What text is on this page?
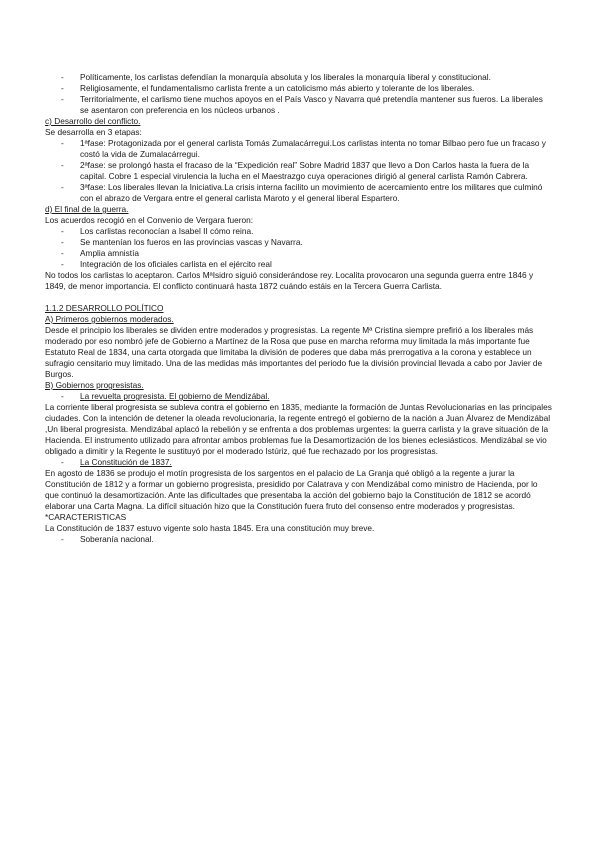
- Políticamente, los carlistas defendían la monarquía absoluta y los liberales la monarquía liberal y constitucional.
- Religiosamente, el fundamentalismo carlista frente a un catolicismo más abierto y tolerante de los liberales.
- Territorialmente, el carlismo tiene muchos apoyos en el País Vasco y Navarra qué pretendía mantener sus fueros. La liberales se asentaron con preferencia en los núcleos urbanos .

c) Desarrollo del conflicto.

Se desarrolla en 3 etapas:

- 1ªfase: Protagonizada por el general carlista Tomás Zumalacárregui.Los carlistas intenta no tomar Bilbao pero fue un fracaso y costó la vida de Zumalacárregui.
- 2ªfase: se prolongó hasta el fracaso de la “Expedición real” Sobre Madrid 1837 que llevo a Don Carlos hasta la fuera de la capital. Cobre 1 especial virulencia la lucha en el Maestrazgo cuya operaciones dirigió al general carlista Ramón Cabrera.
- 3ªfase: Los liberales llevan la Iniciativa.La crisis interna facilito un movimiento de acercamiento entre los militares que culminó con el abrazo de Vergara entre el general carlista Maroto y el general liberal Espartero.

d) El final de la guerra.

Los acuerdos recogió en el Convenio de Vergara fueron:

- Los carlistas reconocían a Isabel II cómo reina.
- Se mantenían los fueros en las provincias vascas y Navarra.
- Amplia amnistía
- Integración de los oficiales carlista en el ejército real

No todos los carlistas lo aceptaron. Carlos MªIsidro siguió considerándose rey. Localita provocaron una segunda guerra entre 1846 y 1849, de menor importancia. El conflicto continuará hasta 1872 cuándo estáis en la Tercera Guerra Carlista.

1.1.2 DESARROLLO POLÍTICO

A) Primeros gobiernos moderados.

Desde el principio los liberales se dividen entre moderados y progresistas. La regente Mª Cristina siempre prefirió a los liberales más moderado por eso nombró jefe de Gobierno a Martínez de la Rosa que puse en marcha reforma muy limitada la más importante fue Estatuto Real de 1834, una carta otorgada que limitaba la división de poderes que daba más prerrogativa a la corona y establece un sufragio censitario muy limitado. Una de las medidas más importantes del periodo fue la división provincial llevada a cabo por Javier de Burgos.

B) Gobiernos progresistas.

- La revuelta progresista. El gobierno de Mendizábal.

La corriente liberal progresista se subleva contra el gobierno en 1835, mediante la formación de Juntas Revolucionarias en las principales ciudades. Con la intención de detener la oleada revolucionaria, la regente entregó el gobierno de la nación a Juan Álvarez de Mendizábal ,Un liberal progresista. Mendizábal aplacó la rebelión y se enfrenta a dos problemas urgentes: la guerra carlista y la grave situación de la Hacienda. El instrumento utilizado para afrontar ambos problemas fue la Desamortización de los bienes eclesiásticos. Mendizábal se vio obligado a dimitir y la Regente le sustituyó por el moderado Istúriz, qué fue rechazado por los progresistas.

- La Constitución de 1837.

En agosto de 1836 se produjo el motín progresista de los sargentos en el palacio de La Granja qué obligó a la regente a jurar la Constitución de 1812 y a formar un gobierno progresista, presidido por Calatrava y con Mendizábal como ministro de Hacienda, por lo que continuó la desamortización. Ante las dificultades que presentaba la acción del gobierno bajo la Constitución de 1812 se acordó elaborar una Carta Magna. La difícil situación hizo que la Constitución fuera fruto del consenso entre moderados y progresistas.

*CARACTERISTICAS

La Constitución de 1837 estuvo vigente solo hasta 1845. Era una constitución muy breve.

- Soberanía nacional.
